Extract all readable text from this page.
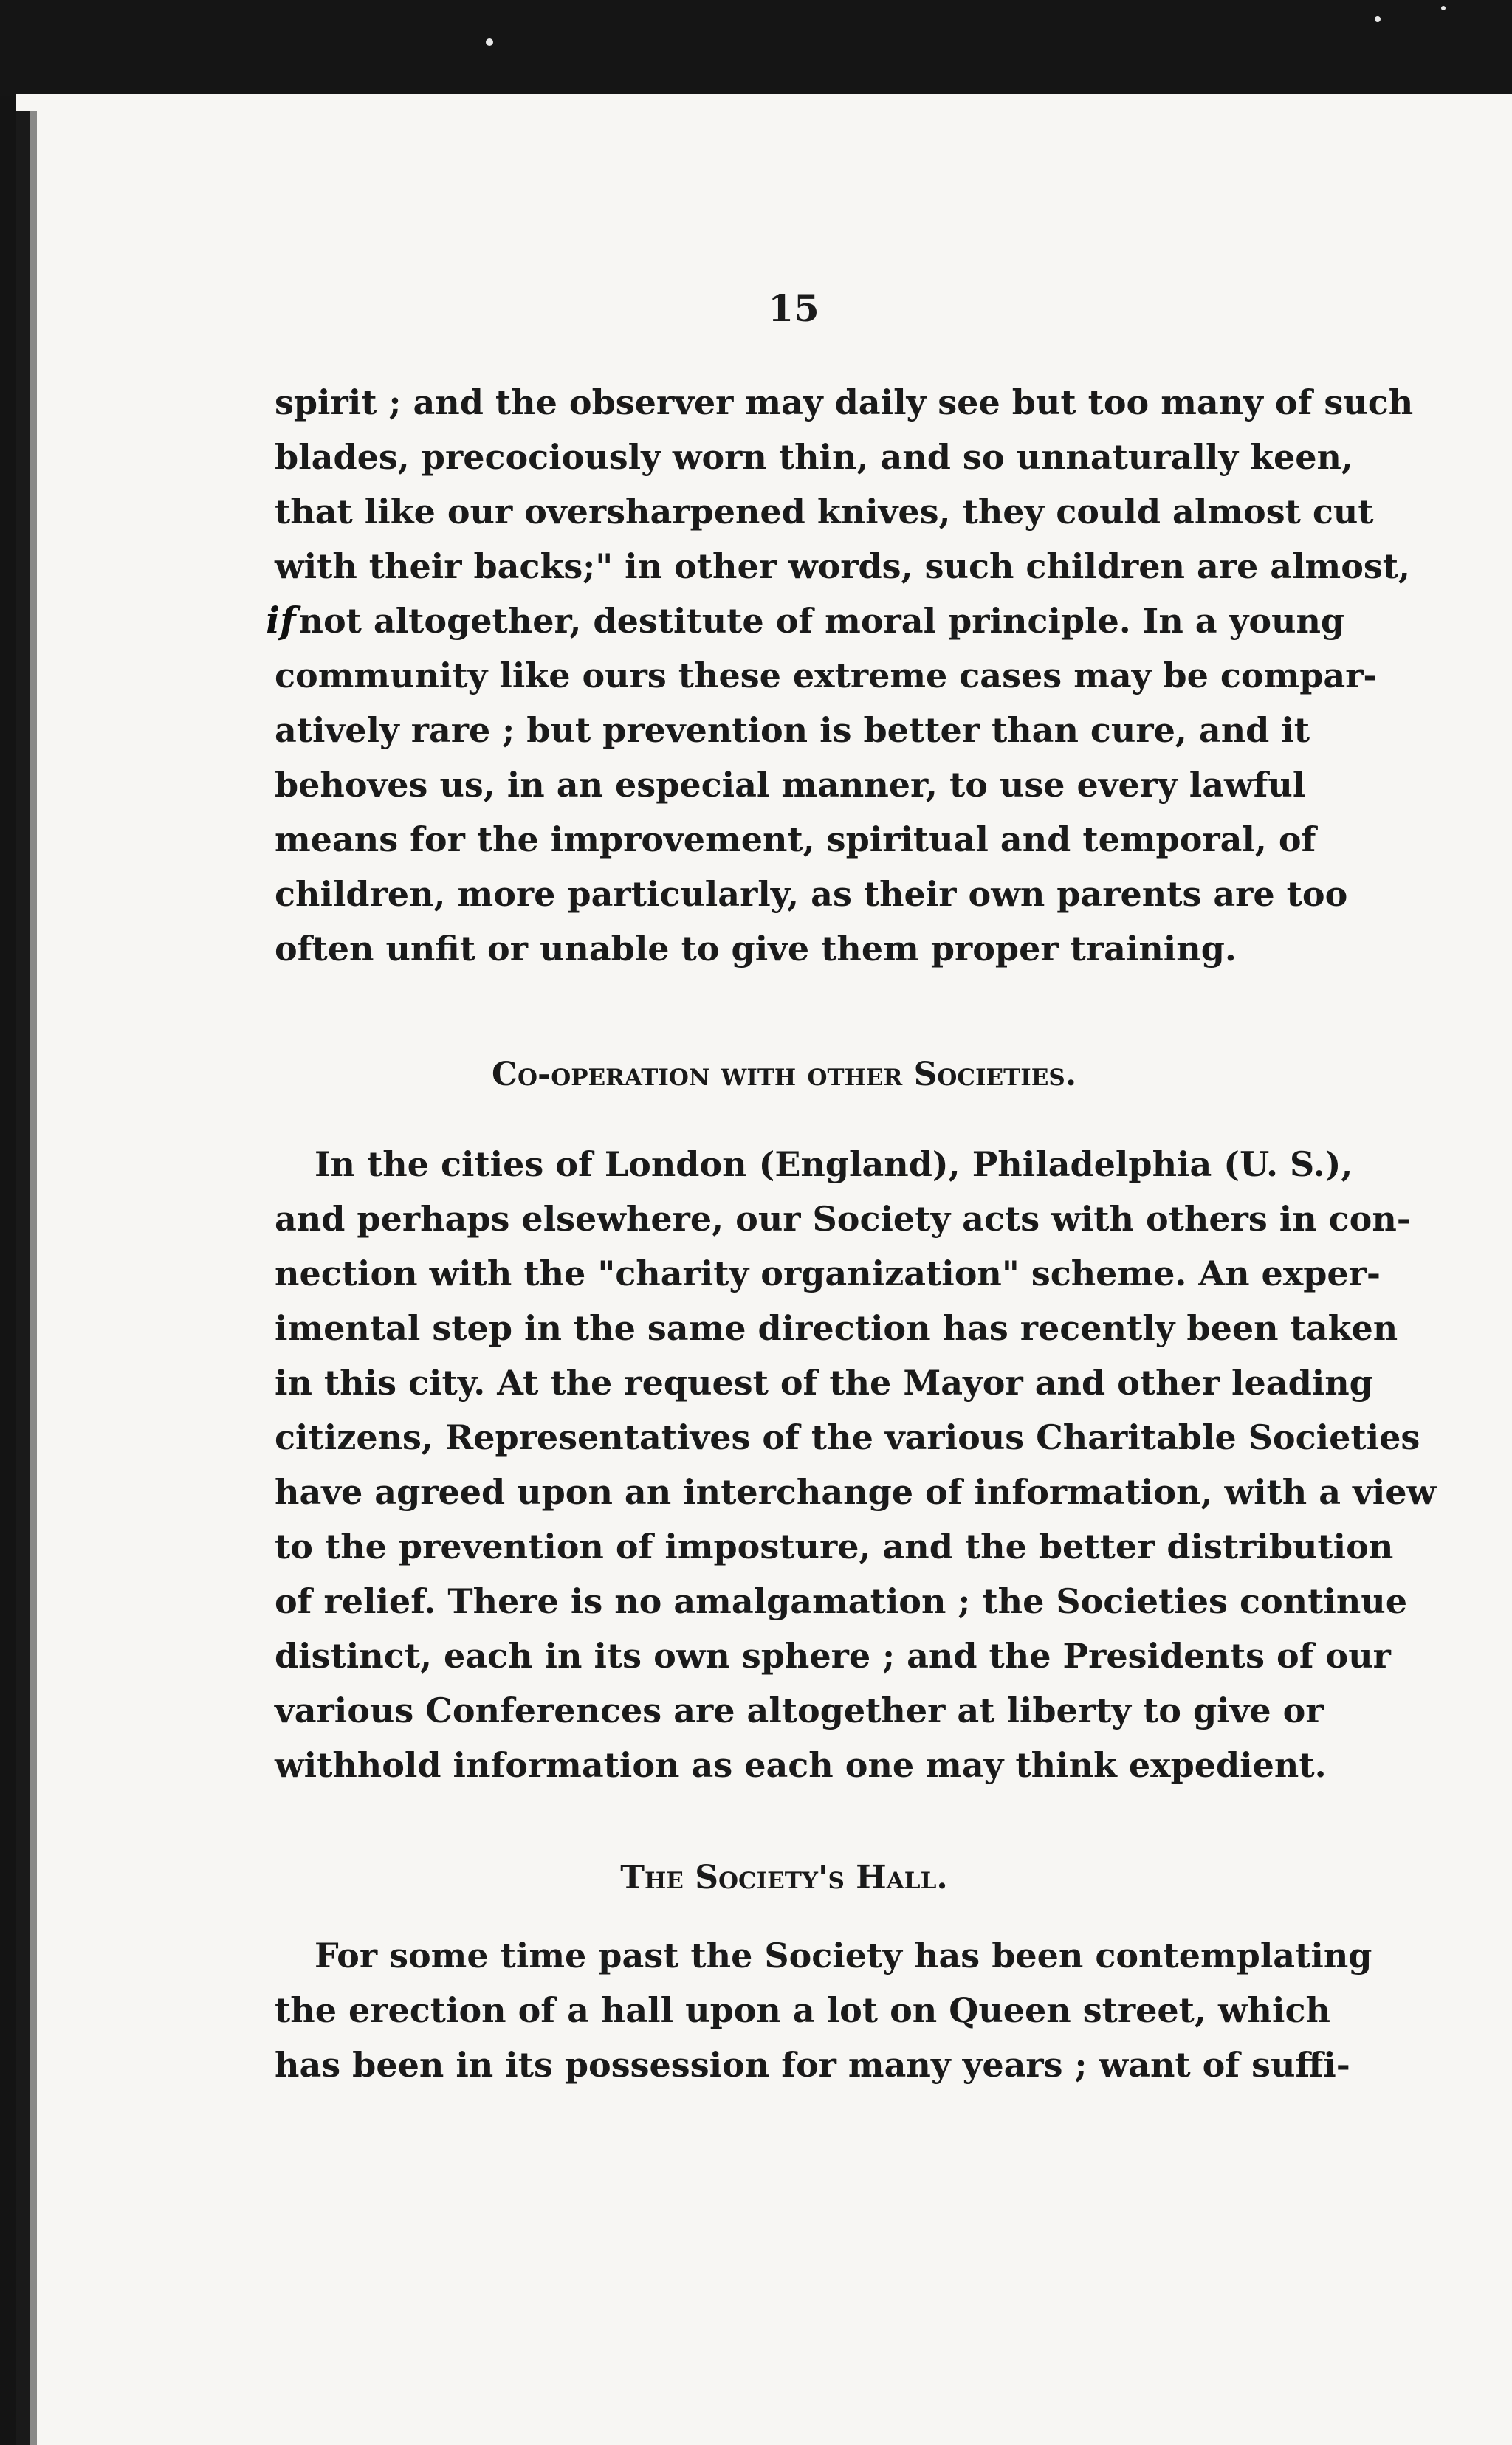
15
spirit ; and the observer may daily see but too many of such
blades, precociously worn thin, and so unnaturally keen,
that like our oversharpened knives, they could almost cut
with their backs;" in other words, such children are almost,
if not altogether, destitute of moral principle. In a young
community like ours these extreme cases may be compar-
atively rare ; but prevention is better than cure, and it
behoves us, in an especial manner, to use every lawful
means for the improvement, spiritual and temporal, of
children, more particularly, as their own parents are too
often unfit or unable to give them proper training.
Co-operation with other Societies.
In the cities of London (England), Philadelphia (U. S.),
and perhaps elsewhere, our Society acts with others in con-
nection with the "charity organization" scheme. An exper-
imental step in the same direction has recently been taken
in this city. At the request of the Mayor and other leading
citizens, Representatives of the various Charitable Societies
have agreed upon an interchange of information, with a view
to the prevention of imposture, and the better distribution
of relief. There is no amalgamation ; the Societies continue
distinct, each in its own sphere ; and the Presidents of our
various Conferences are altogether at liberty to give or
withhold information as each one may think expedient.
The Society's Hall.
For some time past the Society has been contemplating
the erection of a hall upon a lot on Queen street, which
has been in its possession for many years ; want of suffi-
